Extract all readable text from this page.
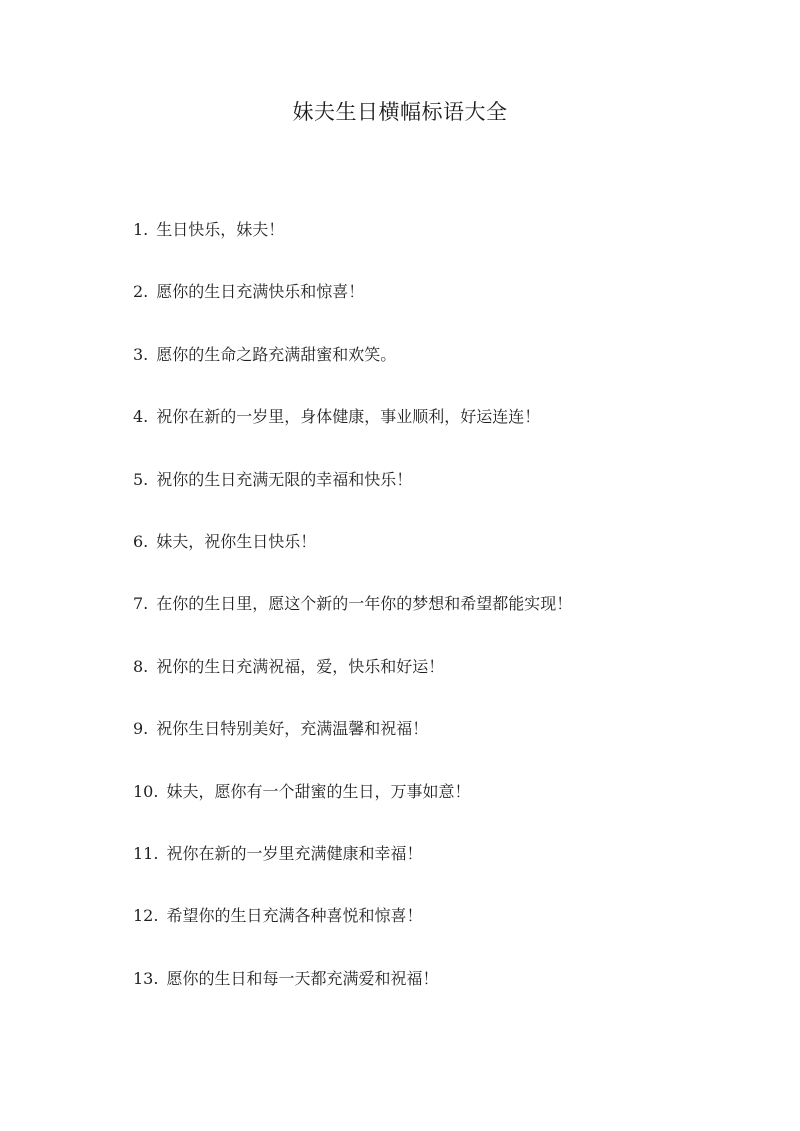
妹夫生日横幅标语大全
1. 生日快乐，妹夫！
2. 愿你的生日充满快乐和惊喜！
3. 愿你的生命之路充满甜蜜和欢笑。
4. 祝你在新的一岁里，身体健康，事业顺利，好运连连！
5. 祝你的生日充满无限的幸福和快乐！
6. 妹夫，祝你生日快乐！
7. 在你的生日里，愿这个新的一年你的梦想和希望都能实现！
8. 祝你的生日充满祝福，爱，快乐和好运！
9. 祝你生日特别美好，充满温馨和祝福！
10. 妹夫，愿你有一个甜蜜的生日，万事如意！
11. 祝你在新的一岁里充满健康和幸福！
12. 希望你的生日充满各种喜悦和惊喜！
13. 愿你的生日和每一天都充满爱和祝福！
